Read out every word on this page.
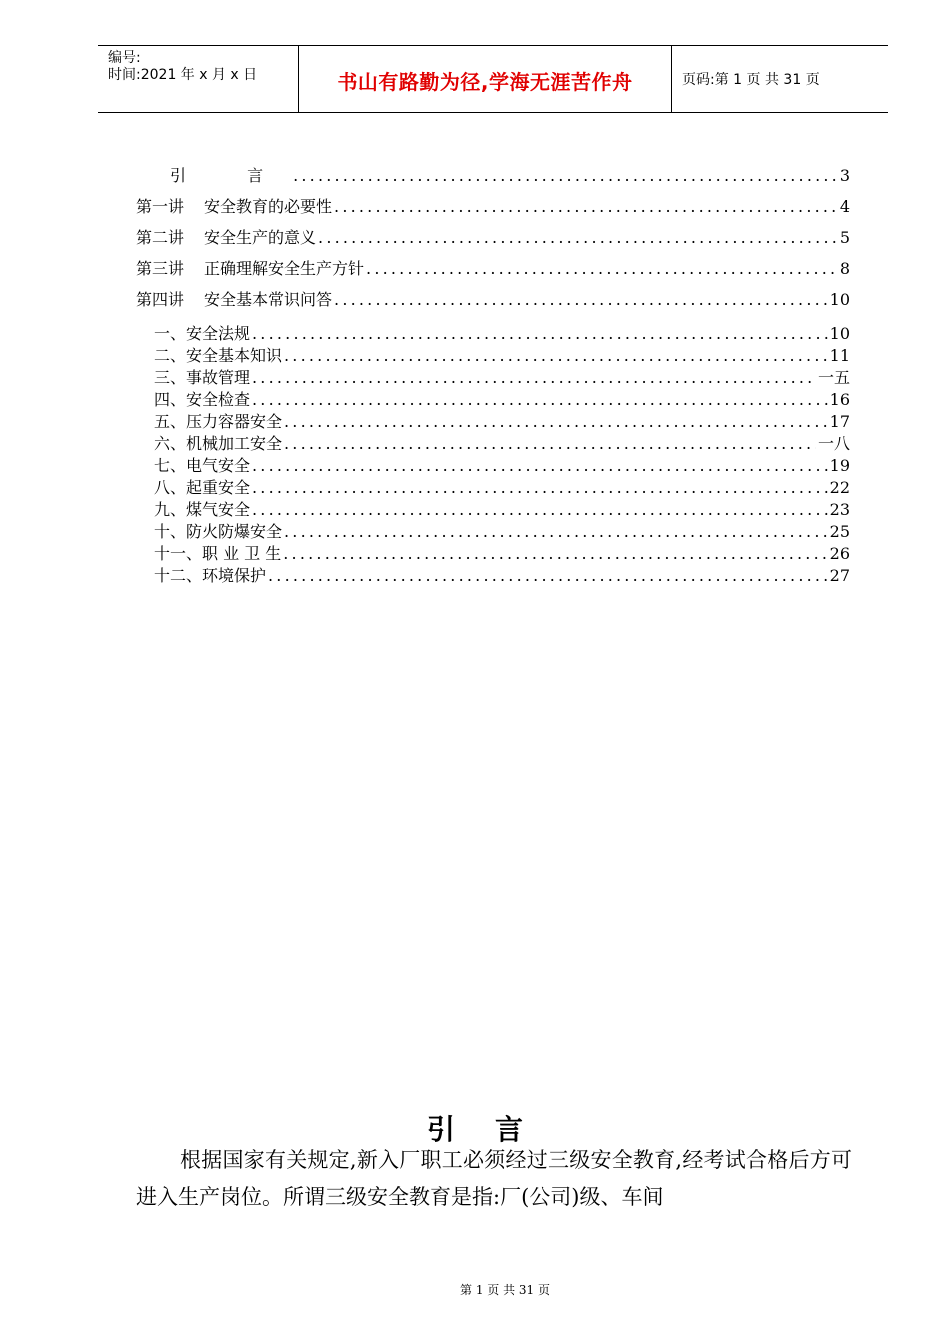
编号:
时间:2021 年 x 月 x 日	书山有路勤为径,学海无涯苦作舟	页码:第 1 页 共 31 页
引 言 .....	3
第一讲 安全教育的必要性 .....	4
第二讲 安全生产的意义 .....	5
第三讲 正确理解安全生产方针 .....	8
第四讲 安全基本常识问答 .....	10
一、安全法规 .....	10
二、安全基本知识 .....	11
三、事故管理 .....	一五
四、安全检查 .....	16
五、压力容器安全 .....	17
六、机械加工安全 .....	一八
七、电气安全 .....	19
八、起重安全 .....	22
九、煤气安全 .....	23
十、防火防爆安全 .....	25
十一、职 业 卫 生 .....	26
十二、环境保护 .....	27
引言
根据国家有关规定,新入厂职工必须经过三级安全教育,经考试合格后方可进入生产岗位。所谓三级安全教育是指:厂(公司)级、车间
第 1 页 共 31 页
